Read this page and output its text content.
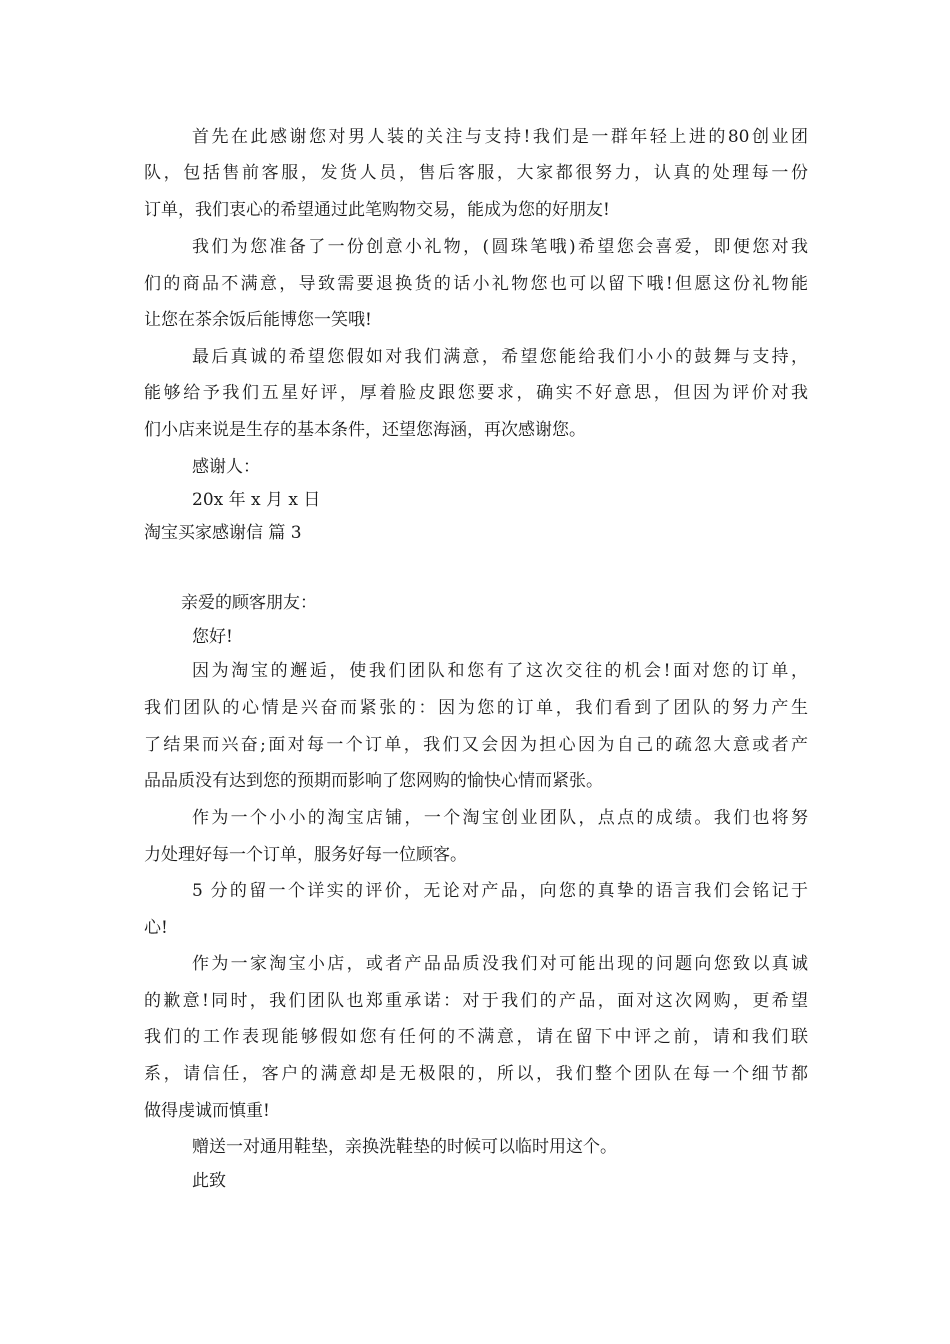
首先在此感谢您对男人装的关注与支持!我们是一群年轻上进的80创业团
队，包括售前客服，发货人员，售后客服，大家都很努力，认真的处理每一份
订单，我们衷心的希望通过此笔购物交易，能成为您的好朋友!
我们为您准备了一份创意小礼物，(圆珠笔哦)希望您会喜爱，即便您对我
们的商品不满意，导致需要退换货的话小礼物您也可以留下哦!但愿这份礼物能
让您在茶余饭后能博您一笑哦!
最后真诚的希望您假如对我们满意，希望您能给我们小小的鼓舞与支持，
能够给予我们五星好评，厚着脸皮跟您要求，确实不好意思，但因为评价对我
们小店来说是生存的基本条件，还望您海涵，再次感谢您。
感谢人：
20x 年 x 月 x 日
淘宝买家感谢信 篇 3
亲爱的顾客朋友：
您好!
因为淘宝的邂逅，使我们团队和您有了这次交往的机会!面对您的订单，
我们团队的心情是兴奋而紧张的：因为您的订单，我们看到了团队的努力产生
了结果而兴奋;面对每一个订单，我们又会因为担心因为自己的疏忽大意或者产
品品质没有达到您的预期而影响了您网购的愉快心情而紧张。
作为一个小小的淘宝店铺，一个淘宝创业团队，点点的成绩。我们也将努
力处理好每一个订单，服务好每一位顾客。
5 分的留一个详实的评价，无论对产品，向您的真挚的语言我们会铭记于
心!
作为一家淘宝小店，或者产品品质没我们对可能出现的问题向您致以真诚
的歉意!同时，我们团队也郑重承诺：对于我们的产品，面对这次网购，更希望
我们的工作表现能够假如您有任何的不满意，请在留下中评之前，请和我们联
系，请信任，客户的满意却是无极限的，所以，我们整个团队在每一个细节都
做得虔诚而慎重!
赠送一对通用鞋垫，亲换洗鞋垫的时候可以临时用这个。
此致
